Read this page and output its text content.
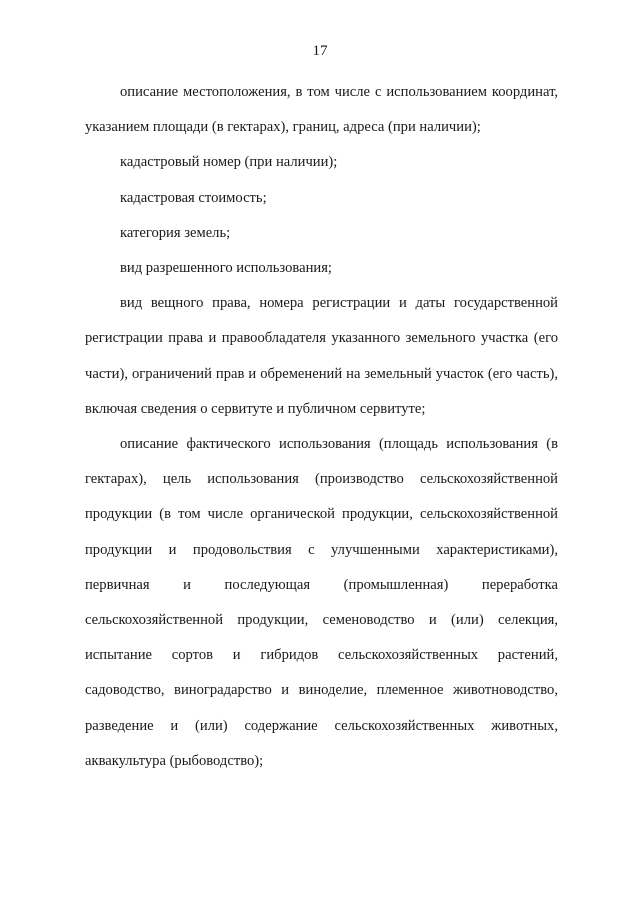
17

описание местоположения, в том числе с использованием координат, указанием площади (в гектарах), границ, адреса (при наличии);

кадастровый номер (при наличии);

кадастровая стоимость;

категория земель;

вид разрешенного использования;

вид вещного права, номера регистрации и даты государственной регистрации права и правообладателя указанного земельного участка (его части), ограничений прав и обременений на земельный участок (его часть), включая сведения о сервитуте и публичном сервитуте;

описание фактического использования (площадь использования (в гектарах), цель использования (производство сельскохозяйственной продукции (в том числе органической продукции, сельскохозяйственной продукции и продовольствия с улучшенными характеристиками), первичная и последующая (промышленная) переработка сельскохозяйственной продукции, семеноводство и (или) селекция, испытание сортов и гибридов сельскохозяйственных растений, садоводство, виноградарство и виноделие, племенное животноводство, разведение и (или) содержание сельскохозяйственных животных, аквакультура (рыбоводство);
